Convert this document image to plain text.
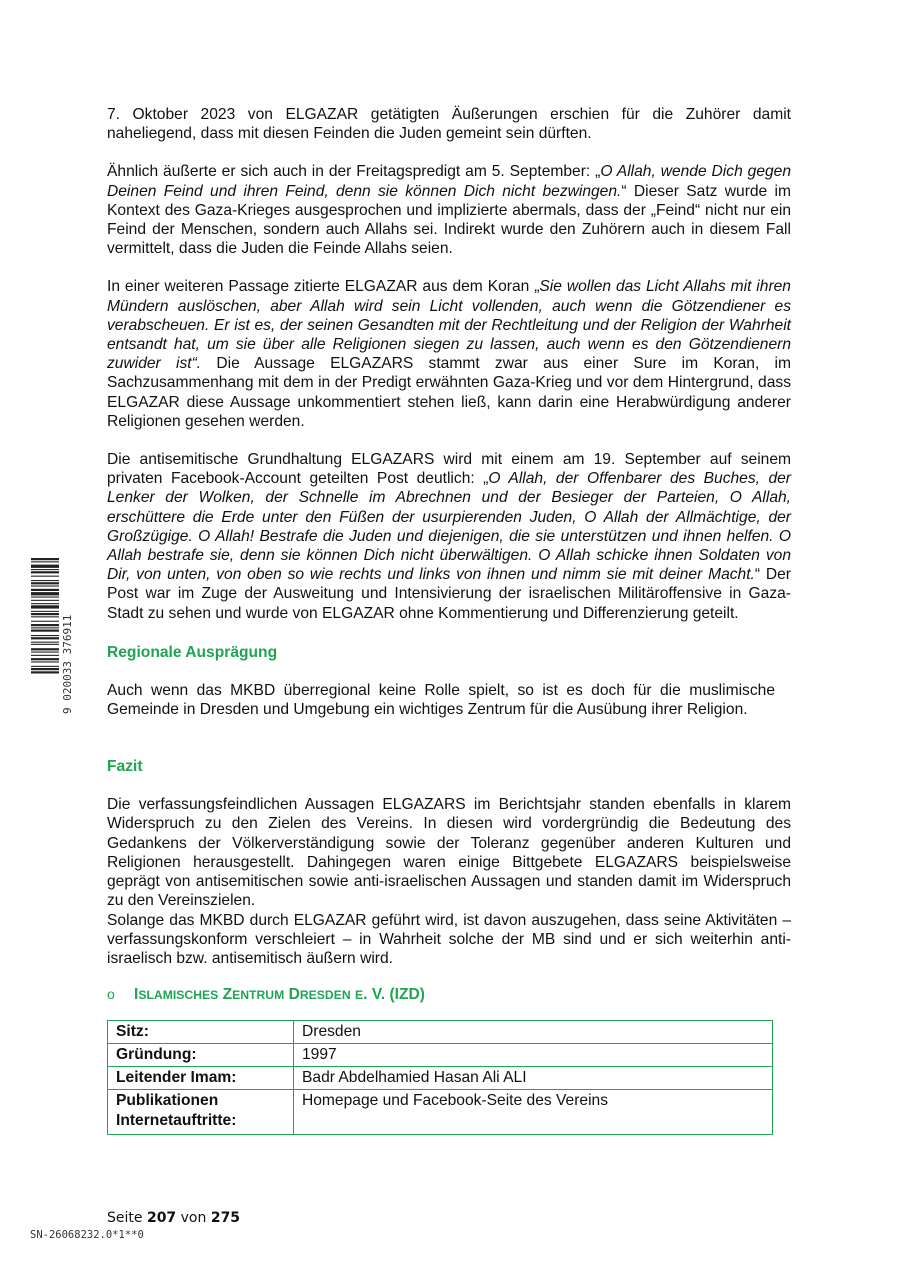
9 020033 376911

7. Oktober 2023 von ELGAZAR getätigten Äußerungen erschien für die Zuhörer damit naheliegend, dass mit diesen Feinden die Juden gemeint sein dürften.

Ähnlich äußerte er sich auch in der Freitagspredigt am 5. September: „O Allah, wende Dich gegen Deinen Feind und ihren Feind, denn sie können Dich nicht bezwingen.“ Dieser Satz wurde im Kontext des Gaza-Krieges ausgesprochen und implizierte abermals, dass der „Feind“ nicht nur ein Feind der Menschen, sondern auch Allahs sei. Indirekt wurde den Zuhörern auch in diesem Fall vermittelt, dass die Juden die Feinde Allahs seien.

In einer weiteren Passage zitierte ELGAZAR aus dem Koran „Sie wollen das Licht Allahs mit ihren Mündern auslöschen, aber Allah wird sein Licht vollenden, auch wenn die Götzendiener es verabscheuen. Er ist es, der seinen Gesandten mit der Rechtleitung und der Religion der Wahrheit entsandt hat, um sie über alle Religionen siegen zu lassen, auch wenn es den Götzendienern zuwider ist“. Die Aussage ELGAZARS stammt zwar aus einer Sure im Koran, im Sachzusammenhang mit dem in der Predigt erwähnten Gaza-Krieg und vor dem Hintergrund, dass ELGAZAR diese Aussage unkommentiert stehen ließ, kann darin eine Herabwürdigung anderer Religionen gesehen werden.

Die antisemitische Grundhaltung ELGAZARS wird mit einem am 19. September auf seinem privaten Facebook-Account geteilten Post deutlich: „O Allah, der Offenbarer des Buches, der Lenker der Wolken, der Schnelle im Abrechnen und der Besieger der Parteien, O Allah, erschüttere die Erde unter den Füßen der usurpierenden Juden, O Allah der Allmächtige, der Großzügige. O Allah! Bestrafe die Juden und diejenigen, die sie unterstützen und ihnen helfen. O Allah bestrafe sie, denn sie können Dich nicht überwältigen. O Allah schicke ihnen Soldaten von Dir, von unten, von oben so wie rechts und links von ihnen und nimm sie mit deiner Macht.“ Der Post war im Zuge der Ausweitung und Intensivierung der israelischen Militäroffensive in Gaza-Stadt zu sehen und wurde von ELGAZAR ohne Kommentierung und Differenzierung geteilt.

Regionale Ausprägung

Auch wenn das MKBD überregional keine Rolle spielt, so ist es doch für die muslimische Gemeinde in Dresden und Umgebung ein wichtiges Zentrum für die Ausübung ihrer Religion.

Fazit

Die verfassungsfeindlichen Aussagen ELGAZARS im Berichtsjahr standen ebenfalls in klarem Widerspruch zu den Zielen des Vereins. In diesen wird vordergründig die Bedeutung des Gedankens der Völkerverständigung sowie der Toleranz gegenüber anderen Kulturen und Religionen herausgestellt. Dahingegen waren einige Bittgebete ELGAZARS beispielsweise geprägt von antisemitischen sowie anti-israelischen Aussagen und standen damit im Widerspruch zu den Vereinszielen.

Solange das MKBD durch ELGAZAR geführt wird, ist davon auszugehen, dass seine Aktivitäten – verfassungskonform verschleiert – in Wahrheit solche der MB sind und er sich weiterhin anti-israelisch bzw. antisemitisch äußern wird.

o	ISLAMISCHES ZENTRUM DRESDEN E. V. (IZD)
Sitz:	Dresden
Gründung:	1997
Leitender Imam:	Badr Abdelhamied Hasan Ali ALI
Publikationen Internetauftritte:	Homepage und Facebook-Seite des Vereins
Seite 207 von 275
SN-26068232.0*1**0
